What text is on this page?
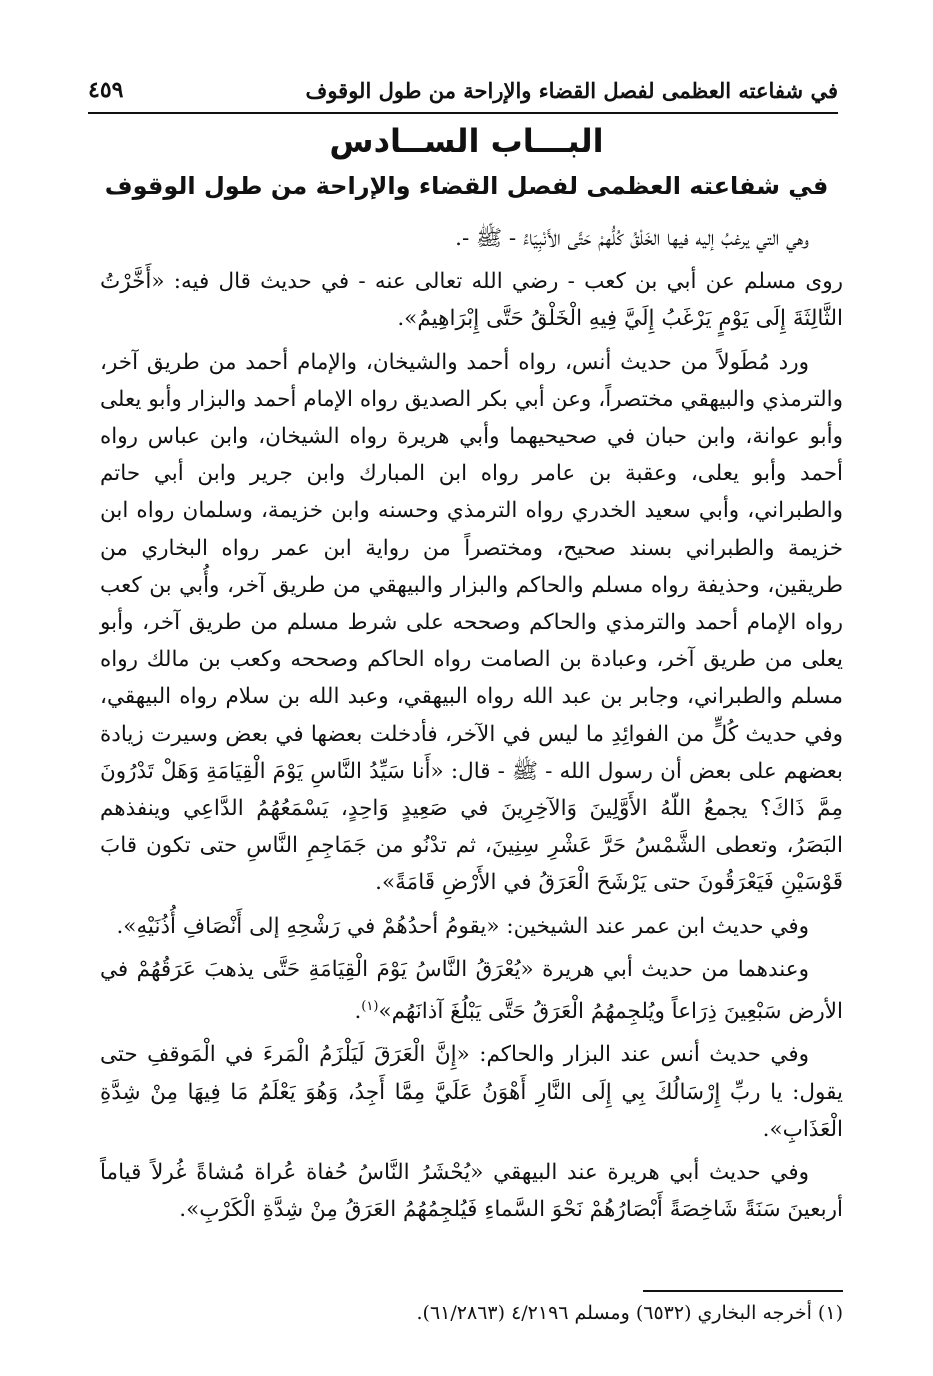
في شفاعته العظمى لفصل القضاء والإراحة من طول الوقوف
٤٥٩
البـــاب الســادس
في شفاعته العظمى لفصل القضاء والإراحة من طول الوقوف

وهي التي يرغبُ إليه فيها الخَلْقُ كُلُّهمْ حَتَّى الأَنْبِيَاءُ - ﷺ -.

روى مسلم عن أبي بن كعب - رضي الله تعالى عنه - في حديث قال فيه: «أَخَّرْتُ الثَّالِثَةَ إِلَى يَوْمٍ يَرْغَبُ إِلَيَّ فِيهِ الْخَلْقُ حَتَّى إِبْرَاهِيمُ».

ورد مُطَولاً من حديث أنس، رواه أحمد والشيخان، والإمام أحمد من طريق آخر، والترمذي والبيهقي مختصراً، وعن أبي بكر الصديق رواه الإمام أحمد والبزار وأبو يعلى وأبو عوانة، وابن حبان في صحيحيهما وأبي هريرة رواه الشيخان، وابن عباس رواه أحمد وأبو يعلى، وعقبة بن عامر رواه ابن المبارك وابن جرير وابن أبي حاتم والطبراني، وأبي سعيد الخدري رواه الترمذي وحسنه وابن خزيمة، وسلمان رواه ابن خزيمة والطبراني بسند صحيح، ومختصراً من رواية ابن عمر رواه البخاري من طريقين، وحذيفة رواه مسلم والحاكم والبزار والبيهقي من طريق آخر، وأُبي بن كعب رواه الإمام أحمد والترمذي والحاكم وصححه على شرط مسلم من طريق آخر، وأبو يعلى من طريق آخر، وعبادة بن الصامت رواه الحاكم وصححه وكعب بن مالك رواه مسلم والطبراني، وجابر بن عبد الله رواه البيهقي، وعبد الله بن سلام رواه البيهقي، وفي حديث كُلٍّ من الفوائِدِ ما ليس في الآخر، فأدخلت بعضها في بعض وسيرت زيادة بعضهم على بعض أن رسول الله - ﷺ - قال: «أَنا سَيِّدُ النَّاسِ يَوْمَ الْقِيَامَةِ وَهَلْ تَدْرُونَ مِمَّ ذَاكَ؟ يجمعُ اللّهُ الأَوَّلِينَ وَالآخِرِينَ في صَعِيدٍ وَاحِدٍ، يَسْمَعُهُمُ الدَّاعِي وينفذهم البَصَرُ، وتعطى الشَّمْسُ حَرَّ عَشْرِ سِنِينَ، ثم تدْنُو من جَمَاجِمِ النَّاسِ حتى تكون قابَ قَوْسَيْنِ فَيَعْرَقُونَ حتى يَرْشَحَ الْعَرَقُ في الأَرْضِ قَامَةً».

وفي حديث ابن عمر عند الشيخين: «يقومُ أحدُهُمْ في رَشْحِهِ إلى أَنْصَافِ أُذُنَيْهِ».

وعندهما من حديث أبي هريرة «يُعْرَقُ النَّاسُ يَوْمَ الْقِيَامَةِ حَتَّى يذهبَ عَرَقُهُمْ في الأرض سَبْعِينَ ذِرَاعاً ويُلجِمهُمُ الْعَرَقُ حَتَّى يَبْلُغَ آذانَهُم»$^{(١)}$.

وفي حديث أنس عند البزار والحاكم: «إِنَّ الْعَرَقَ لَيَلْزَمُ الْمَرءَ في الْمَوقفِ حتى يقول: يا ربِّ إِرْسَالُكَ بِي إِلَى النَّارِ أَهْوَنُ عَلَيَّ مِمَّا أَجِدُ، وَهُوَ يَعْلَمُ مَا فِيهَا مِنْ شِدَّةِ الْعَذَابِ».

وفي حديث أبي هريرة عند البيهقي «يُحْشَرُ النَّاسُ حُفاة عُراة مُشاةً غُرلاً قياماً أربعينَ سَنَةً شَاخِصَةً أَبْصَارُهُمْ نَحْوَ السَّماءِ فَيُلجِمُهُمُ العَرَقُ مِنْ شِدَّةِ الْكَرْبِ».

(١) أخرجه البخاري (٦٥٣٢) ومسلم ٤/٢١٩٦ (٦١/٢٨٦٣).
